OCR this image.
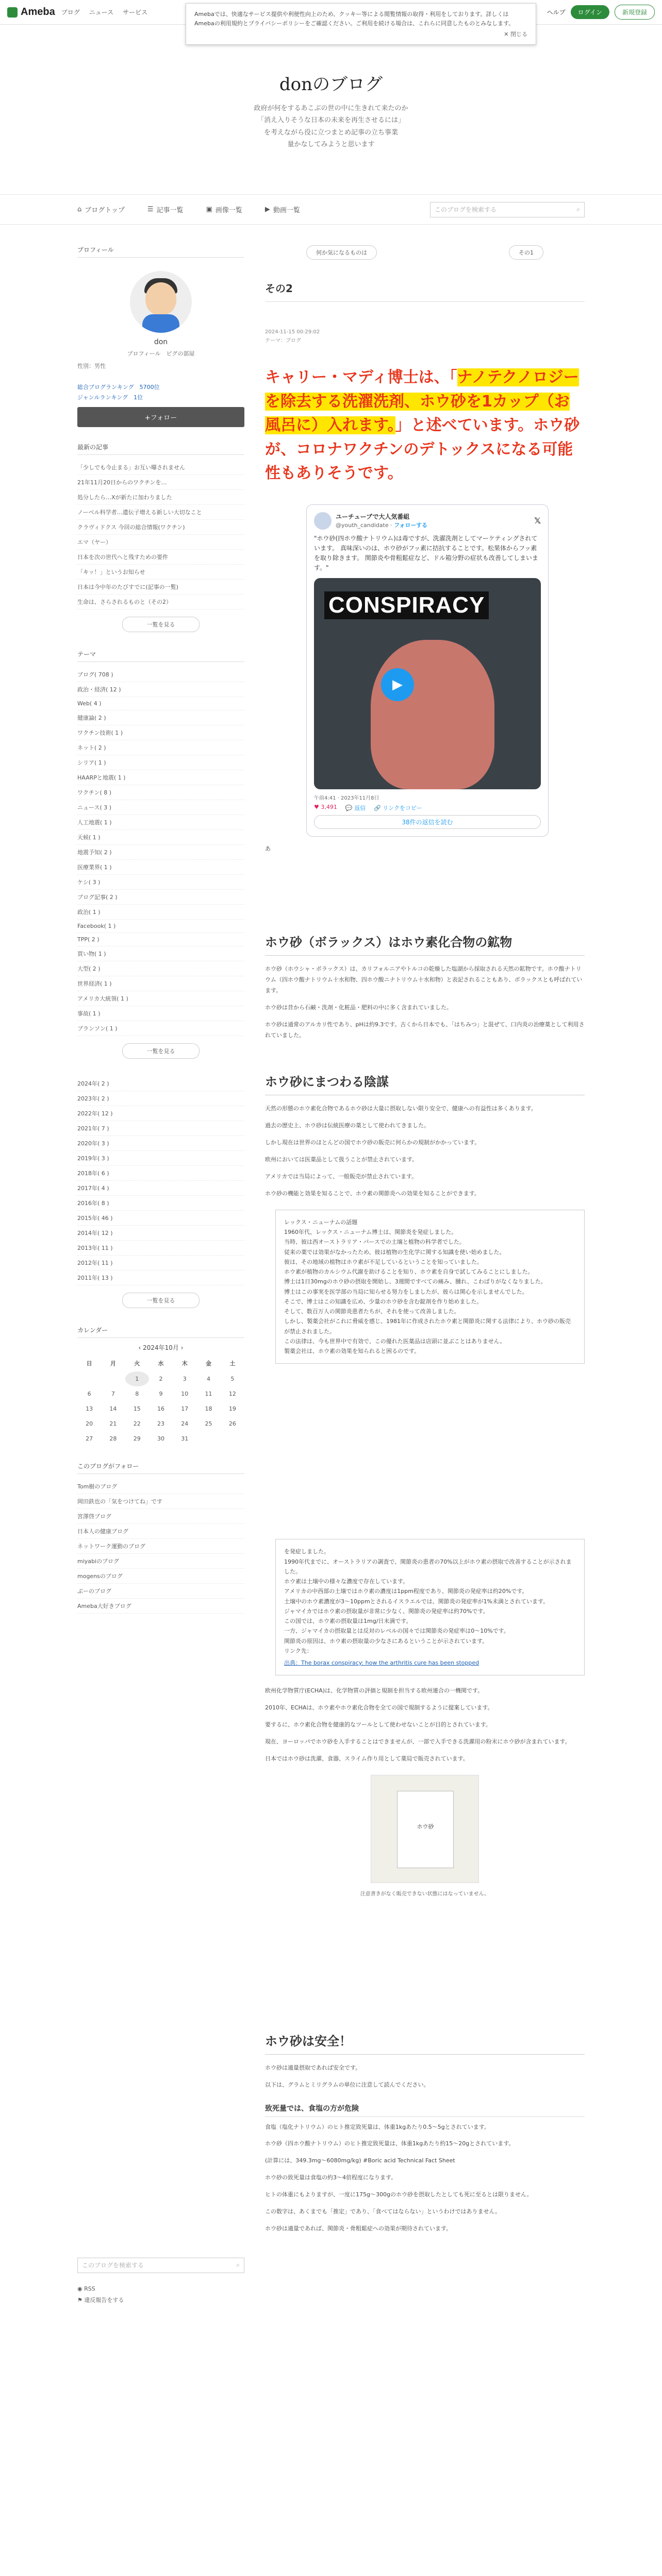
Ameba ブログ ニュース サービス	ヘルプ	ログイン	新規登録
Amebaでは、快適なサービス提供や利便性向上のため、クッキー等による閲覧情報の取得・利用をしております。詳しくはAmebaの利用規約とプライバシーポリシーをご確認ください。ご利用を続ける場合は、これらに同意したものとみなします。
✕ 閉じる
donのブログ
政府が何をするあこぶの世の中に生きれて来たのか
「消え入りそうな日本の未来を再生させるには」
を考えながら役に立つまとめ記事の立ち事業
量かなしてみようと思います
⌂ ブログトップ	☰ 記事一覧	▣ 画像一覧	▶ 動画一覧	このブログを検索する	⌕
プロフィール
don
プロフィール　ピグの部屋
性別：男性
総合ブログランキング　5700位
ジャンルランキング　1位
+フォロー
最新の記事
「少しでも今止まる」お互い曝されません
21年11月20日からのワクチンを…
処分したら…Xが新たに加わりました
ノーベル科学者…遺伝子増える新しい大切なこと
クラヴィドクス 今回の総合情報(ワクチン)
エマ（ヤー）
日本を次の世代へと残すための要件
「キッ！」というお知らせ
日本は今中年のたびすでに(記事の一覧)
生命は、さらされるものと（その2）
一覧を見る
テーマ
ブログ( 708 )
政治・経済( 12 )
Web( 4 )
健康論( 2 )
ワクチン技術( 1 )
ネット( 2 )
シリア( 1 )
HAARPと地震( 1 )
ワクチン( 8 )
ニュース( 3 )
人工地震( 1 )
天候( 1 )
地震予知( 2 )
医療業界( 1 )
ケシ( 3 )
ブログ記事( 2 )
政治( 1 )
Facebook( 1 )
TPP( 2 )
買い物( 1 )
大型( 2 )
世界経済( 1 )
アメリカ大統領( 1 )
事故( 1 )
ブランソン( 1 )
一覧を見る
2024年( 2 )
2023年( 2 )
2022年( 12 )
2021年( 7 )
2020年( 3 )
2019年( 3 )
2018年( 6 )
2017年( 4 )
2016年( 8 )
2015年( 46 )
2014年( 12 )
2013年( 11 )
2012年( 11 )
2011年( 13 )
一覧を見る
カレンダー
‹ 2024年10月 ›
日	月	火	水	木	金	土
		1	2	3	4	5
6	7	8	9	10	11	12
13	14	15	16	17	18	19
20	21	22	23	24	25	26
27	28	29	30	31		
このブログがフォロー
Tom樹のブログ
岡田鉄也の「気をつけてね」です
宮澤啓ブログ
日本人の健康ブログ
ネットワーク運動のブログ
miyabiのブログ
mogensのブログ
ぶーのブログ
Ameba大好きブログ
このブログを検索する	⌕
◉ RSS
⚑ 違反報告をする
何か気になるものは	その1
その2
2024-11-15 00:29:02
テーマ：ブログ
キャリー・マディ博士は、「ナノテクノロジーを除去する洗濯洗剤、ホウ砂を1カップ（お風呂に）入れます。」と述べています。ホウ砂が、コロナワクチンのデトックスになる可能性もありそうです。
ユーチューブで大人気番組
@youth_candidate · フォローする	𝕏
"ホウ砂(四ホウ酸ナトリウム)は毒ですが、洗濯洗剤としてマーケティングされています。 真味深いのは、ホウ砂がフッ素に拮抗することです。松果体からフッ素を取り除きます。 関節炎や骨粗鬆症など、ドル箱分野の症状も改善してしまいます。"
CONSPIRACY
▶
午前4:41 · 2023年11月8日
♥ 3,491 💬 返信 🔗 リンクをコピー
38件の返信を読む

あ

ホウ砂（ボラックス）はホウ素化合物の鉱物

ホウ砂（ホウシャ・ボラックス）は、カリフォルニアやトルコの乾燥した塩湖から採取される天然の鉱物です。ホウ酸ナトリウム（四ホウ酸ナトリウム十水和物、四ホウ酸ニナトリウム十水和物）と表記されることもあり、ボラックスとも呼ばれています。

ホウ砂は昔から石鹸・洗剤・化粧品・肥料の中に多く含まれていました。

ホウ砂は通常のアルカリ性であり、pHは約9.3です。古くから日本でも、「はちみつ」と混ぜて、口内炎の治療薬として利用されていました。

ホウ砂にまつわる陰謀

天然の形態のホウ素化合物であるホウ砂は大量に摂取しない限り安全で、健康への有益性は多くあります。

過去の歴史上、ホウ砂は伝統医療の薬として使われてきました。

しかし現在は世界のほとんどの国でホウ砂の販売に何らかの規制がかかっています。

欧州においては医薬品として扱うことが禁止されています。

アメリカでは当局によって、一般販売が禁止されています。

ホウ砂の機能と効果を知ることで、ホウ素の関節炎への効果を知ることができます。

レックス・ニューナムの話題
1960年代、レックス・ニューナム博士は、関節炎を発症しました。
当時、彼は西オーストラリア・パースでの土壌と植物の科学者でした。
従来の薬では効果がなかったため、彼は植物の生化学に関する知識を使い始めました。
彼は、その地域の植物はホウ素が不足しているということを知っていました。
ホウ素が植物のカルシウム代謝を助けることを知り、ホウ素を自身で試してみることにしました。
博士は1日30mgのホウ砂の摂取を開始し、3週間ですべての痛み、腫れ、こわばりがなくなりました。
博士はこの事実を医学部の当局に知らせる努力をしましたが、彼らは関心を示しませんでした。
そこで、博士はこの知識を広め、少量のホウ砂を含む錠剤を作り始めました。
そして、数百万人の関節炎患者たちが、それを使って改善しました。
しかし、製薬会社がこれに脅威を感じ、1981年に作成されたホウ素と関節炎に関する法律により、ホウ砂の販売が禁止されました。
この法律は、今も世界中で有効で、この優れた医薬品は店頭に並ぶことはありません。
製薬会社は、ホウ素の効果を知られると困るのです。
を発症しました。
1990年代までに、オーストラリアの調査で、関節炎の患者の70%以上がホウ素の摂取で改善することが示されました。
ホウ素は土壌中の様々な濃度で存在しています。
アメリカの中西部の土壌ではホウ素の濃度は1ppm程度であり、関節炎の発症率は約20%です。
土壌中のホウ素濃度が3〜10ppmとされるイスラエルでは、関節炎の発症率が1%未満とされています。
ジャマイカではホウ素の摂取量が非常に少なく、関節炎の発症率は約70%です。
この国では、ホウ素の摂取量は1mg/日未満です。
一方、ジャマイカの摂取量とは反対のレベルの国々では関節炎の発症率は0〜10%です。
関節炎の原因は、ホウ素の摂取量の少なさにあるということが示されています。
リンク先：
出典：The borax conspiracy: how the arthritis cure has been stopped

欧州化学物質庁(ECHA)は、化学物質の評価と規制を担当する欧州連合の一機関です。

2010年、ECHAは、ホウ素やホウ素化合物を全ての国で規制するように提案しています。

要するに、ホウ素化合物を健康的なツールとして使わせないことが目的とされています。

現在、ヨーロッパでホウ砂を入手することはできませんが、一部で入手できる洗濯用の粉末にホウ砂が含まれています。

日本ではホウ砂は洗濯、食器、スライム作り用として薬局で販売されています。

ホウ砂
注意書きがなく販売できない状態にはなっていません。
ホウ砂は安全！

ホウ砂は適量摂取であれば安全です。

以下は、グラムとミリグラムの単位に注意して読んでください。

致死量では、食塩の方が危険

食塩（塩化ナトリウム）のヒト推定致死量は、体重1kgあたり0.5〜5gとされています。

ホウ砂（四ホウ酸ナトリウム）のヒト推定致死量は、体重1kgあたり約15〜20gとされています。

(計算には、349.3mg〜6080mg/kg) #Boric acid Technical Fact Sheet

ホウ砂の致死量は食塩の約3〜4倍程度になります。

ヒトの体重にもよりますが、一度に175g〜300gのホウ砂を摂取したとしても死に至るとは限りません。

この数字は、あくまでも「推定」であり、「食べてはならない」というわけではありません。

ホウ砂は適量であれば、関節炎・骨粗鬆症への効果が期待されています。
